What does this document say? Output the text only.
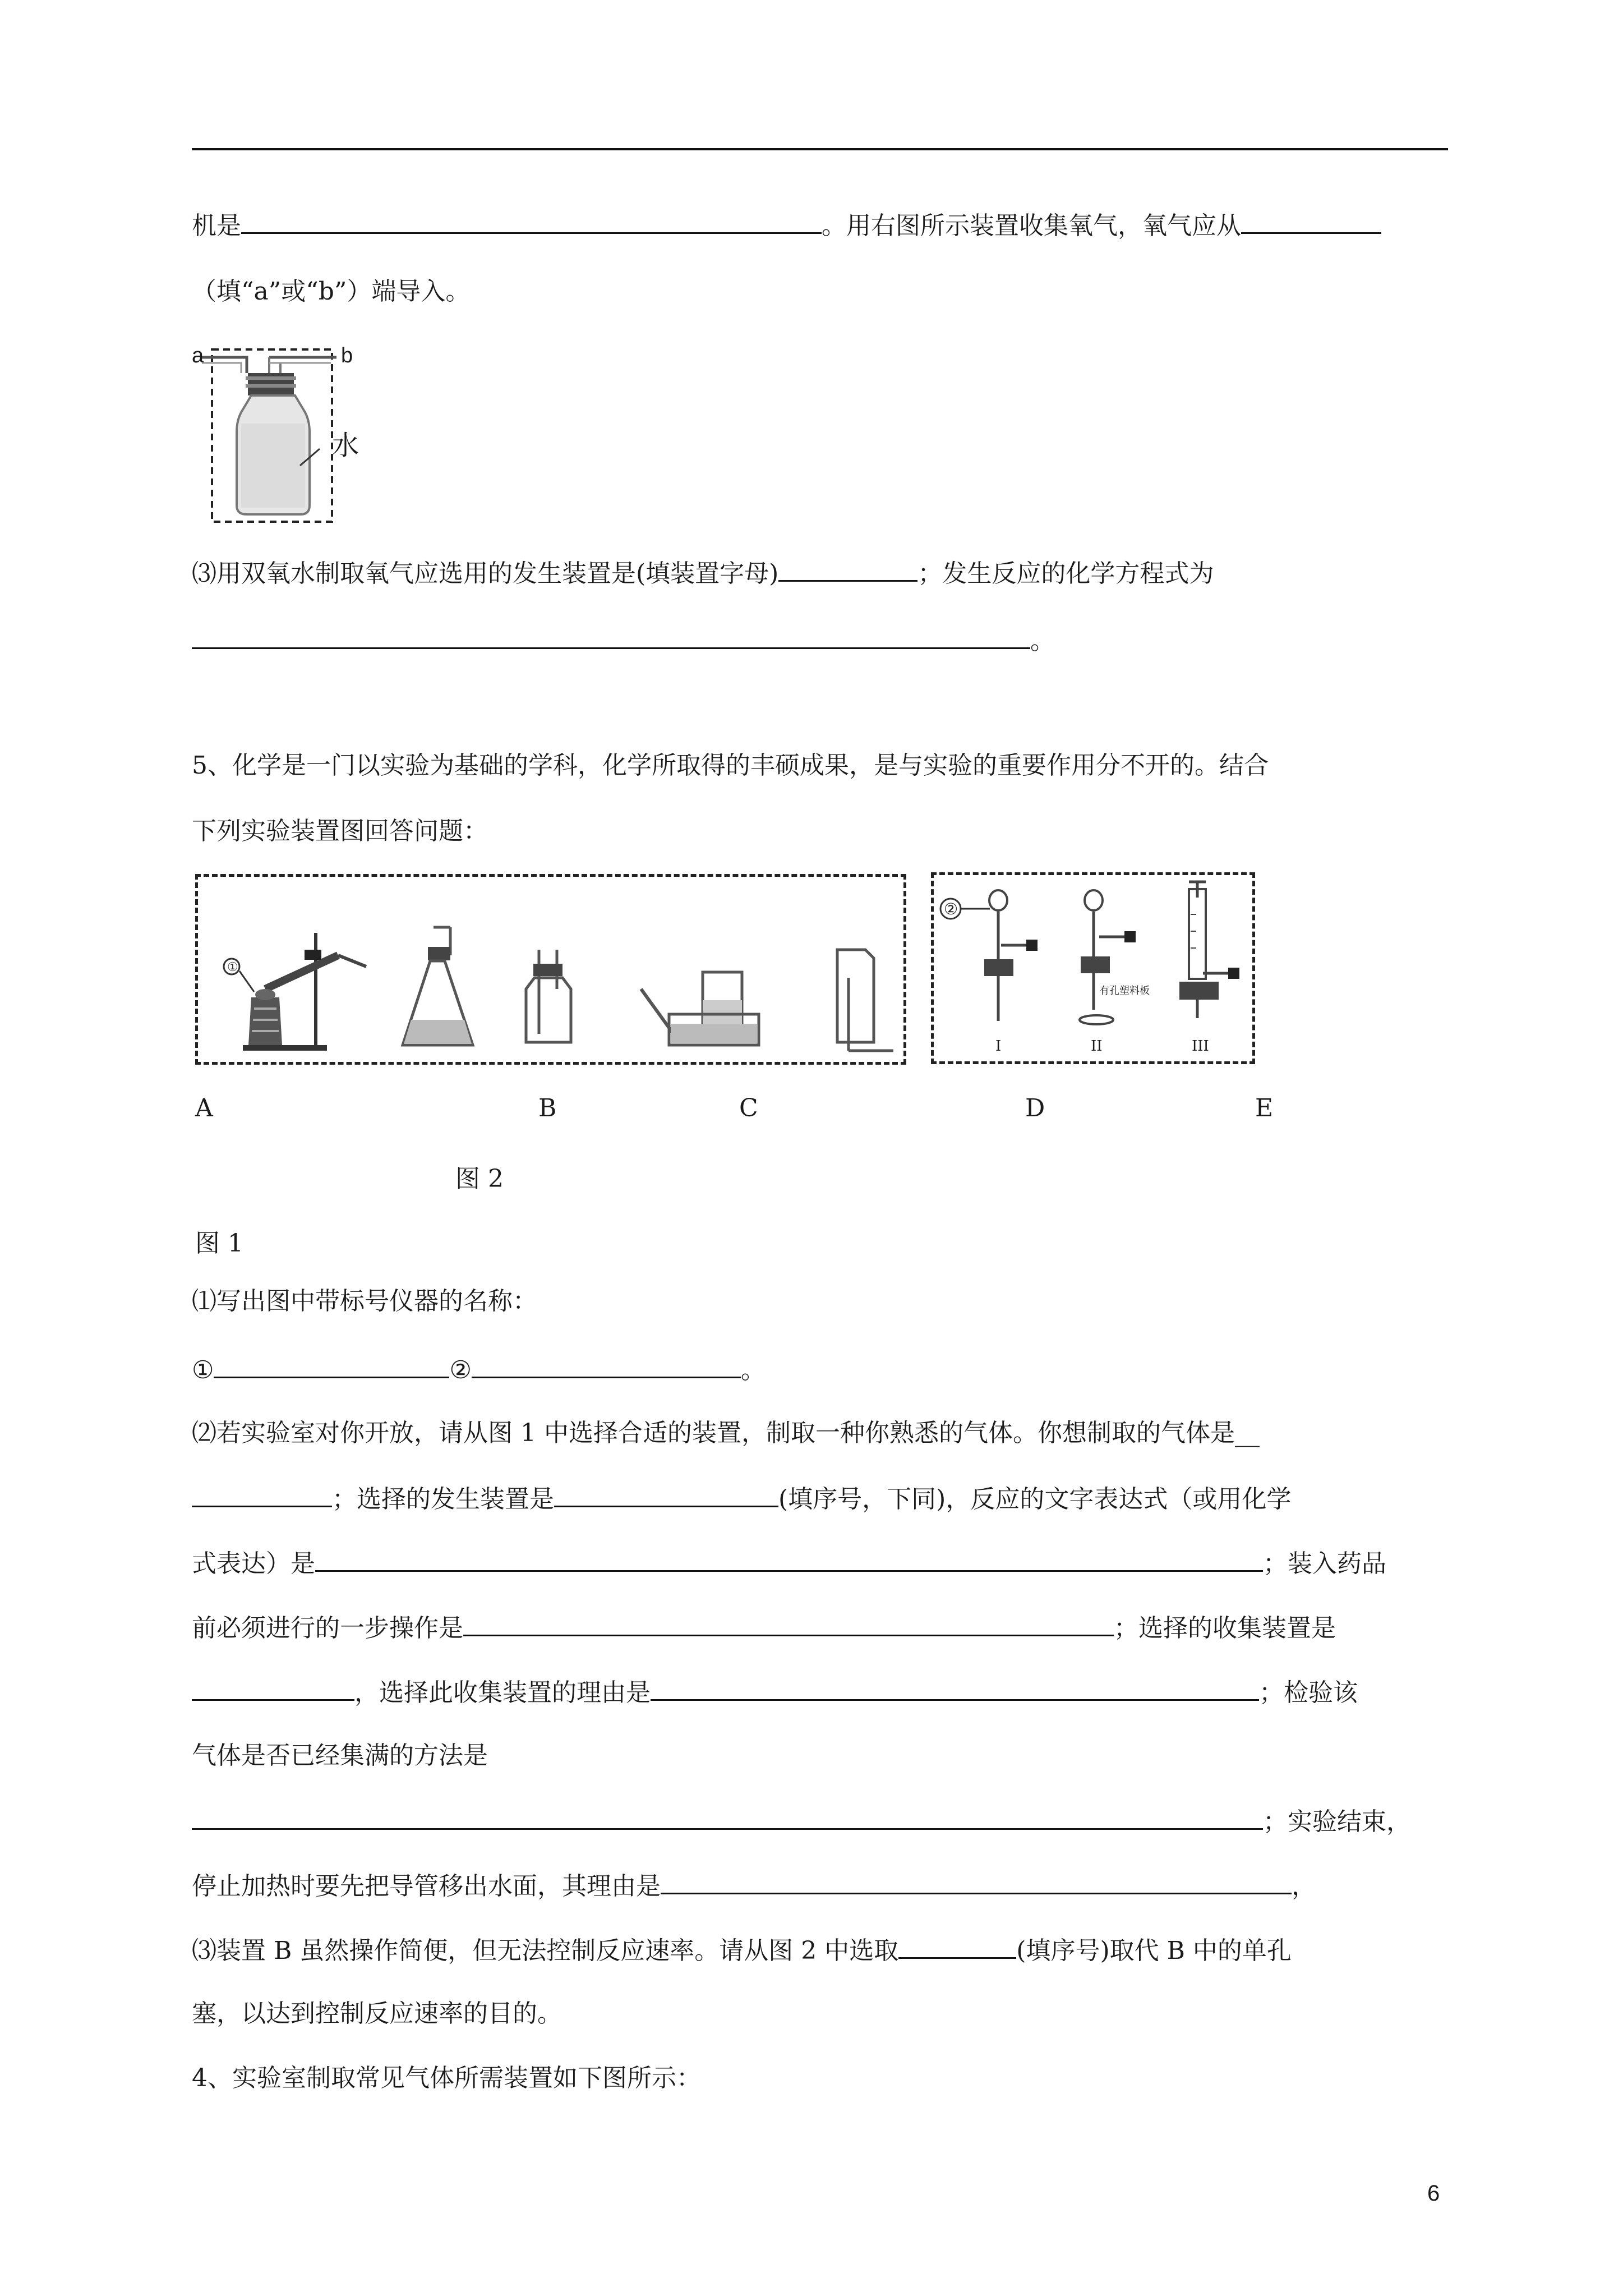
机是	。用右图所示装置收集氧气，氧气应从
（填“a”或“b”）端导入。
a	b
水
⑶用双氧水制取氧气应选用的发生装置是(填装置字母)	；发生反应的化学方程式为
。
5、化学是一门以实验为基础的学科，化学所取得的丰硕成果，是与实验的重要作用分不开的。结合
下列实验装置图回答问题：
①
②
有孔塑料板
I	II	III
A	B	C	D	E
图 2
图 1
⑴写出图中带标号仪器的名称：
①	②	。
⑵若实验室对你开放，请从图 1 中选择合适的装置，制取一种你熟悉的气体。你想制取的气体是__
；选择的发生装置是	(填序号，下同)，反应的文字表达式（或用化学
式表达）是	；装入药品
前必须进行的一步操作是	；选择的收集装置是
，选择此收集装置的理由是	；检验该
气体是否已经集满的方法是
；实验结束，
停止加热时要先把导管移出水面，其理由是	，
⑶装置 B 虽然操作简便，但无法控制反应速率。请从图 2 中选取	(填序号)取代 B 中的单孔
塞，以达到控制反应速率的目的。
4、实验室制取常见气体所需装置如下图所示：
6
